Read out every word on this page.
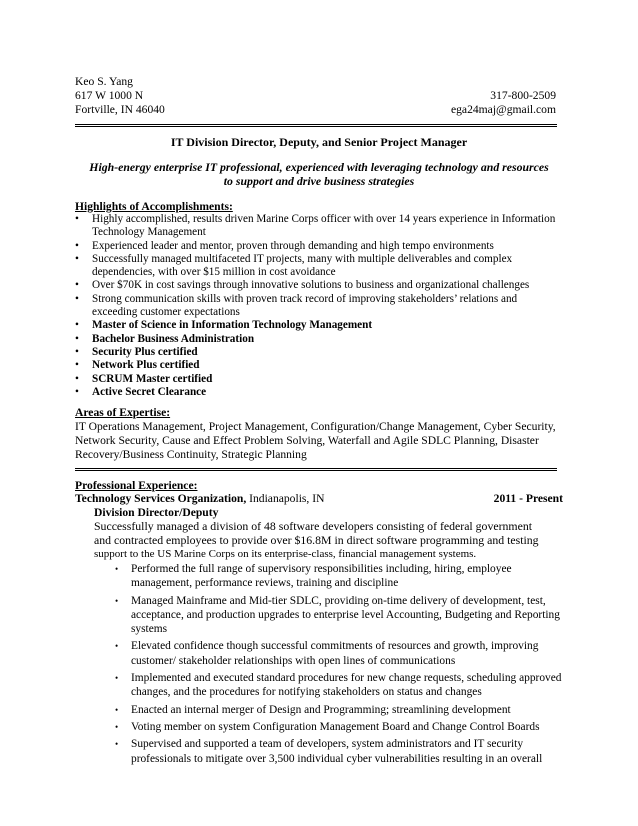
Keo S. Yang
617 W 1000 N
Fortville, IN 46040
317-800-2509
ega24maj@gmail.com
IT Division Director, Deputy, and Senior Project Manager
High-energy enterprise IT professional, experienced with leveraging technology and resources
to support and drive business strategies
Highlights of Accomplishments:
• Highly accomplished, results driven Marine Corps officer with over 14 years experience in Information Technology Management
• Experienced leader and mentor, proven through demanding and high tempo environments
• Successfully managed multifaceted IT projects, many with multiple deliverables and complex dependencies, with over $15 million in cost avoidance
• Over $70K in cost savings through innovative solutions to business and organizational challenges
• Strong communication skills with proven track record of improving stakeholders’ relations and exceeding customer expectations
• Master of Science in Information Technology Management
• Bachelor Business Administration
• Security Plus certified
• Network Plus certified
• SCRUM Master certified
• Active Secret Clearance
Areas of Expertise:
IT Operations Management, Project Management, Configuration/Change Management, Cyber Security,
Network Security, Cause and Effect Problem Solving, Waterfall and Agile SDLC Planning, Disaster
Recovery/Business Continuity, Strategic Planning
Professional Experience:
Technology Services Organization, Indianapolis, IN	2011 - Present
Division Director/Deputy
Successfully managed a division of 48 software developers consisting of federal government
and contracted employees to provide over $16.8M in direct software programming and testing
support to the US Marine Corps on its enterprise-class, financial management systems.
• Performed the full range of supervisory responsibilities including, hiring, employee management, performance reviews, training and discipline
• Managed Mainframe and Mid-tier SDLC, providing on-time delivery of development, test, acceptance, and production upgrades to enterprise level Accounting, Budgeting and Reporting systems
• Elevated confidence though successful commitments of resources and growth, improving customer/ stakeholder relationships with open lines of communications
• Implemented and executed standard procedures for new change requests, scheduling approved changes, and the procedures for notifying stakeholders on status and changes
• Enacted an internal merger of Design and Programming; streamlining development
• Voting member on system Configuration Management Board and Change Control Boards
• Supervised and supported a team of developers, system administrators and IT security professionals to mitigate over 3,500 individual cyber vulnerabilities resulting in an overall
